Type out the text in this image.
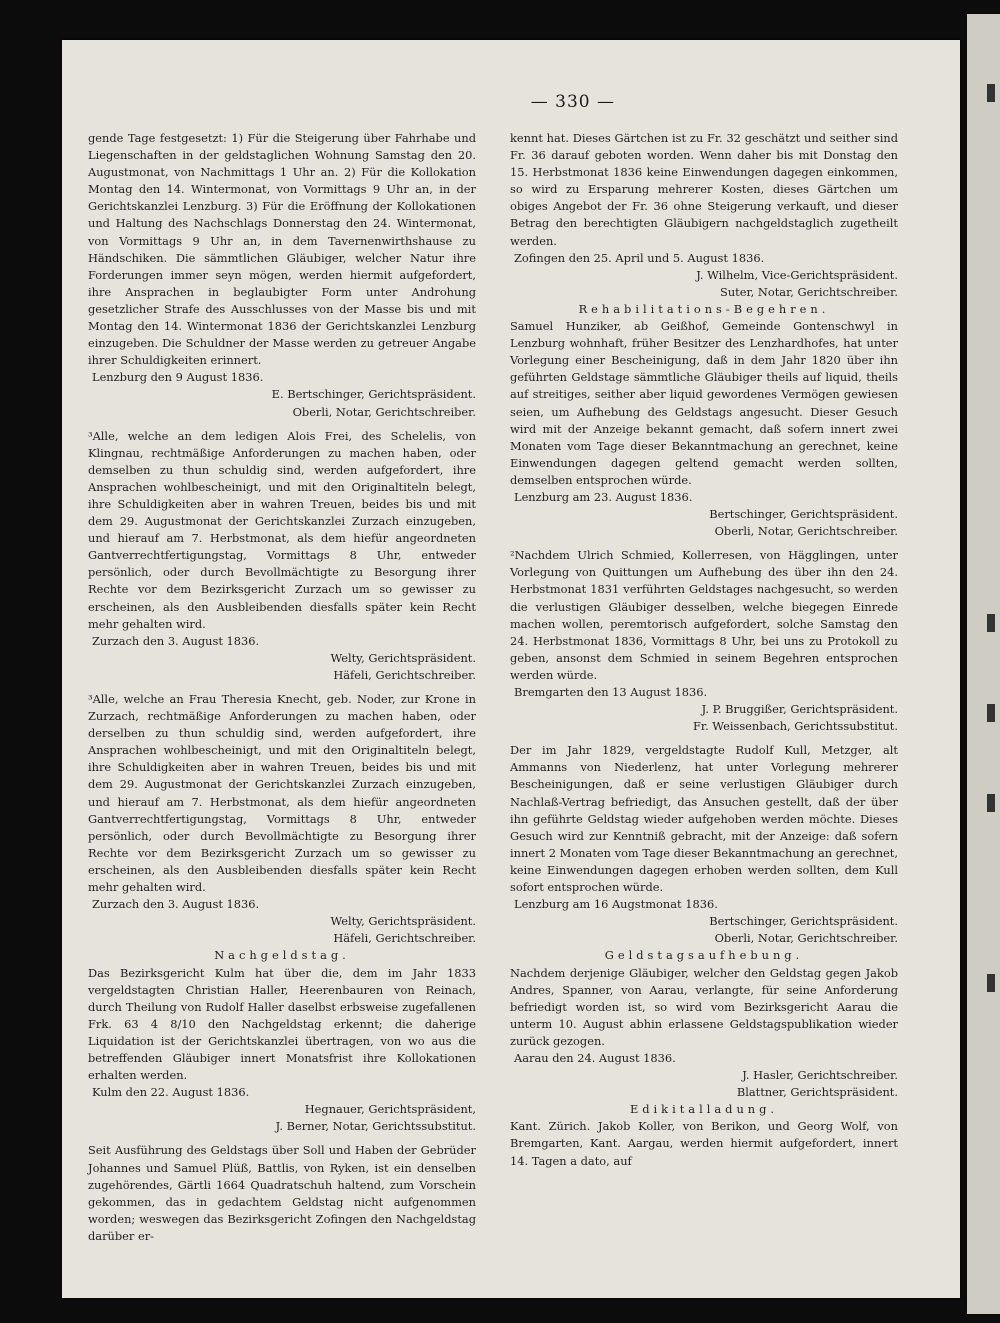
— 330 —

gende Tage festgesetzt: 1) Für die Steigerung über Fahrhabe und Liegenschaften in der geldstaglichen Wohnung Samstag den 20. Augustmonat, von Nachmittags 1 Uhr an. 2) Für die Kollokation Montag den 14. Wintermonat, von Vormittags 9 Uhr an, in der Gerichtskanzlei Lenzburg. 3) Für die Eröffnung der Kollokationen und Haltung des Nachschlags Donnerstag den 24. Wintermonat, von Vormittags 9 Uhr an, in dem Tavernenwirthshause zu Händschiken. Die sämmtlichen Gläubiger, welcher Natur ihre Forderungen immer seyn mögen, werden hiermit aufgefordert, ihre Ansprachen in beglaubigter Form unter Androhung gesetzlicher Strafe des Ausschlusses von der Masse bis und mit Montag den 14. Wintermonat 1836 der Gerichtskanzlei Lenzburg einzugeben. Die Schuldner der Masse werden zu getreuer Angabe ihrer Schuldigkeiten erinnert.

Lenzburg den 9 August 1836.

E. Bertschinger, Gerichtspräsident.

Oberli, Notar, Gerichtschreiber.

³Alle, welche an dem ledigen Alois Frei, des Schelelis, von Klingnau, rechtmäßige Anforderungen zu machen haben, oder demselben zu thun schuldig sind, werden aufgefordert, ihre Ansprachen wohlbescheinigt, und mit den Originaltiteln belegt, ihre Schuldigkeiten aber in wahren Treuen, beides bis und mit dem 29. Augustmonat der Gerichtskanzlei Zurzach einzugeben, und hierauf am 7. Herbstmonat, als dem hiefür angeordneten Gantverrechtfertigungstag, Vormittags 8 Uhr, entweder persönlich, oder durch Bevollmächtigte zu Besorgung ihrer Rechte vor dem Bezirksgericht Zurzach um so gewisser zu erscheinen, als den Ausbleibenden diesfalls später kein Recht mehr gehalten wird.

Zurzach den 3. August 1836.

Welty, Gerichtspräsident.

Häfeli, Gerichtschreiber.

³Alle, welche an Frau Theresia Knecht, geb. Noder, zur Krone in Zurzach, rechtmäßige Anforderungen zu machen haben, oder derselben zu thun schuldig sind, werden aufgefordert, ihre Ansprachen wohlbescheinigt, und mit den Originaltiteln belegt, ihre Schuldigkeiten aber in wahren Treuen, beides bis und mit dem 29. Augustmonat der Gerichtskanzlei Zurzach einzugeben, und hierauf am 7. Herbstmonat, als dem hiefür angeordneten Gantverrechtfertigungstag, Vormittags 8 Uhr, entweder persönlich, oder durch Bevollmächtigte zu Besorgung ihrer Rechte vor dem Bezirksgericht Zurzach um so gewisser zu erscheinen, als den Ausbleibenden diesfalls später kein Recht mehr gehalten wird.

Zurzach den 3. August 1836.

Welty, Gerichtspräsident.

Häfeli, Gerichtschreiber.

Nachgeldstag.

Das Bezirksgericht Kulm hat über die, dem im Jahr 1833 vergeldstagten Christian Haller, Heerenbauren von Reinach, durch Theilung von Rudolf Haller daselbst erbsweise zugefallenen Frk. 63 4 8/10 den Nachgeldstag erkennt; die daherige Liquidation ist der Gerichtskanzlei übertragen, von wo aus die betreffenden Gläubiger innert Monatsfrist ihre Kollokationen erhalten werden.

Kulm den 22. August 1836.

Hegnauer, Gerichtspräsident,

J. Berner, Notar, Gerichtssubstitut.

Seit Ausführung des Geldstags über Soll und Haben der Gebrüder Johannes und Samuel Plüß, Battlis, von Ryken, ist ein denselben zugehörendes, Gärtli 1664 Quadratschuh haltend, zum Vorschein gekommen, das in gedachtem Geldstag nicht aufgenommen worden; weswegen das Bezirksgericht Zofingen den Nachgeldstag darüber er-

kennt hat. Dieses Gärtchen ist zu Fr. 32 geschätzt und seither sind Fr. 36 darauf geboten worden. Wenn daher bis mit Donstag den 15. Herbstmonat 1836 keine Einwendungen dagegen einkommen, so wird zu Ersparung mehrerer Kosten, dieses Gärtchen um obiges Angebot der Fr. 36 ohne Steigerung verkauft, und dieser Betrag den berechtigten Gläubigern nachgeldstaglich zugetheilt werden.

Zofingen den 25. April und 5. August 1836.

J. Wilhelm, Vice-Gerichtspräsident.

Suter, Notar, Gerichtschreiber.

Rehabilitations-Begehren.

Samuel Hunziker, ab Geißhof, Gemeinde Gontenschwyl in Lenzburg wohnhaft, früher Besitzer des Lenzhardhofes, hat unter Vorlegung einer Bescheinigung, daß in dem Jahr 1820 über ihn geführten Geldstage sämmtliche Gläubiger theils auf liquid, theils auf streitiges, seither aber liquid gewordenes Vermögen gewiesen seien, um Aufhebung des Geldstags angesucht. Dieser Gesuch wird mit der Anzeige bekannt gemacht, daß sofern innert zwei Monaten vom Tage dieser Bekanntmachung an gerechnet, keine Einwendungen dagegen geltend gemacht werden sollten, demselben entsprochen würde.

Lenzburg am 23. August 1836.

Bertschinger, Gerichtspräsident.

Oberli, Notar, Gerichtschreiber.

²Nachdem Ulrich Schmied, Kollerresen, von Hägglingen, unter Vorlegung von Quittungen um Aufhebung des über ihn den 24. Herbstmonat 1831 verführten Geldstages nachgesucht, so werden die verlustigen Gläubiger desselben, welche biegegen Einrede machen wollen, peremtorisch aufgefordert, solche Samstag den 24. Herbstmonat 1836, Vormittags 8 Uhr, bei uns zu Protokoll zu geben, ansonst dem Schmied in seinem Begehren entsprochen werden würde.

Bremgarten den 13 August 1836.

J. P. Bruggißer, Gerichtspräsident.

Fr. Weissenbach, Gerichtssubstitut.

Der im Jahr 1829, vergeldstagte Rudolf Kull, Metzger, alt Ammanns von Niederlenz, hat unter Vorlegung mehrerer Bescheinigungen, daß er seine verlustigen Gläubiger durch Nachlaß-Vertrag befriedigt, das Ansuchen gestellt, daß der über ihn geführte Geldstag wieder aufgehoben werden möchte. Dieses Gesuch wird zur Kenntniß gebracht, mit der Anzeige: daß sofern innert 2 Monaten vom Tage dieser Bekanntmachung an gerechnet, keine Einwendungen dagegen erhoben werden sollten, dem Kull sofort entsprochen würde.

Lenzburg am 16 Augstmonat 1836.

Bertschinger, Gerichtspräsident.

Oberli, Notar, Gerichtschreiber.

Geldstagsaufhebung.

Nachdem derjenige Gläubiger, welcher den Geldstag gegen Jakob Andres, Spanner, von Aarau, verlangte, für seine Anforderung befriedigt worden ist, so wird vom Bezirksgericht Aarau die unterm 10. August abhin erlassene Geldstagspublikation wieder zurück gezogen.

Aarau den 24. August 1836.

J. Hasler, Gerichtschreiber.

Blattner, Gerichtspräsident.

Edikitalladung.

Kant. Zürich. Jakob Koller, von Berikon, und Georg Wolf, von Bremgarten, Kant. Aargau, werden hiermit aufgefordert, innert 14. Tagen a dato, auf
